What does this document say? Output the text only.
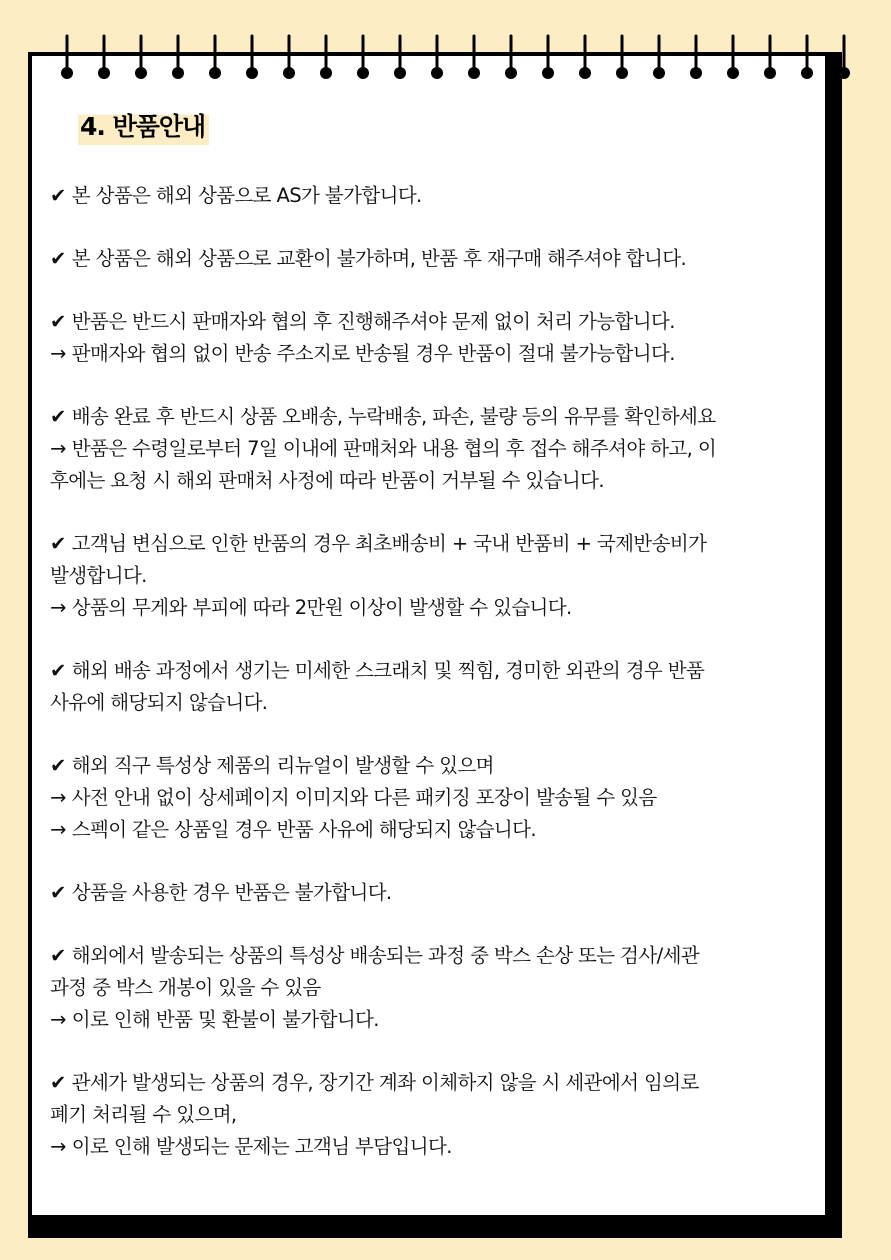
4. 반품안내
✔ 본 상품은 해외 상품으로 AS가 불가합니다.
✔ 본 상품은 해외 상품으로 교환이 불가하며, 반품 후 재구매 해주셔야 합니다.
✔ 반품은 반드시 판매자와 협의 후 진행해주셔야 문제 없이 처리 가능합니다.
→ 판매자와 협의 없이 반송 주소지로 반송될 경우 반품이 절대 불가능합니다.
✔ 배송 완료 후 반드시 상품 오배송, 누락배송, 파손, 불량 등의 유무를 확인하세요
→ 반품은 수령일로부터 7일 이내에 판매처와 내용 협의 후 접수 해주셔야 하고, 이
후에는 요청 시 해외 판매처 사정에 따라 반품이 거부될 수 있습니다.
✔ 고객님 변심으로 인한 반품의 경우 최초배송비 + 국내 반품비 + 국제반송비가
발생합니다.
→ 상품의 무게와 부피에 따라 2만원 이상이 발생할 수 있습니다.
✔ 해외 배송 과정에서 생기는 미세한 스크래치 및 찍힘, 경미한 외관의 경우 반품
사유에 해당되지 않습니다.
✔ 해외 직구 특성상 제품의 리뉴얼이 발생할 수 있으며
→ 사전 안내 없이 상세페이지 이미지와 다른 패키징 포장이 발송될 수 있음
→ 스펙이 같은 상품일 경우 반품 사유에 해당되지 않습니다.
✔ 상품을 사용한 경우 반품은 불가합니다.
✔ 해외에서 발송되는 상품의 특성상 배송되는 과정 중 박스 손상 또는 검사/세관
과정 중 박스 개봉이 있을 수 있음
→ 이로 인해 반품 및 환불이 불가합니다.
✔ 관세가 발생되는 상품의 경우, 장기간 계좌 이체하지 않을 시 세관에서 임의로
폐기 처리될 수 있으며,
→ 이로 인해 발생되는 문제는 고객님 부담입니다.
